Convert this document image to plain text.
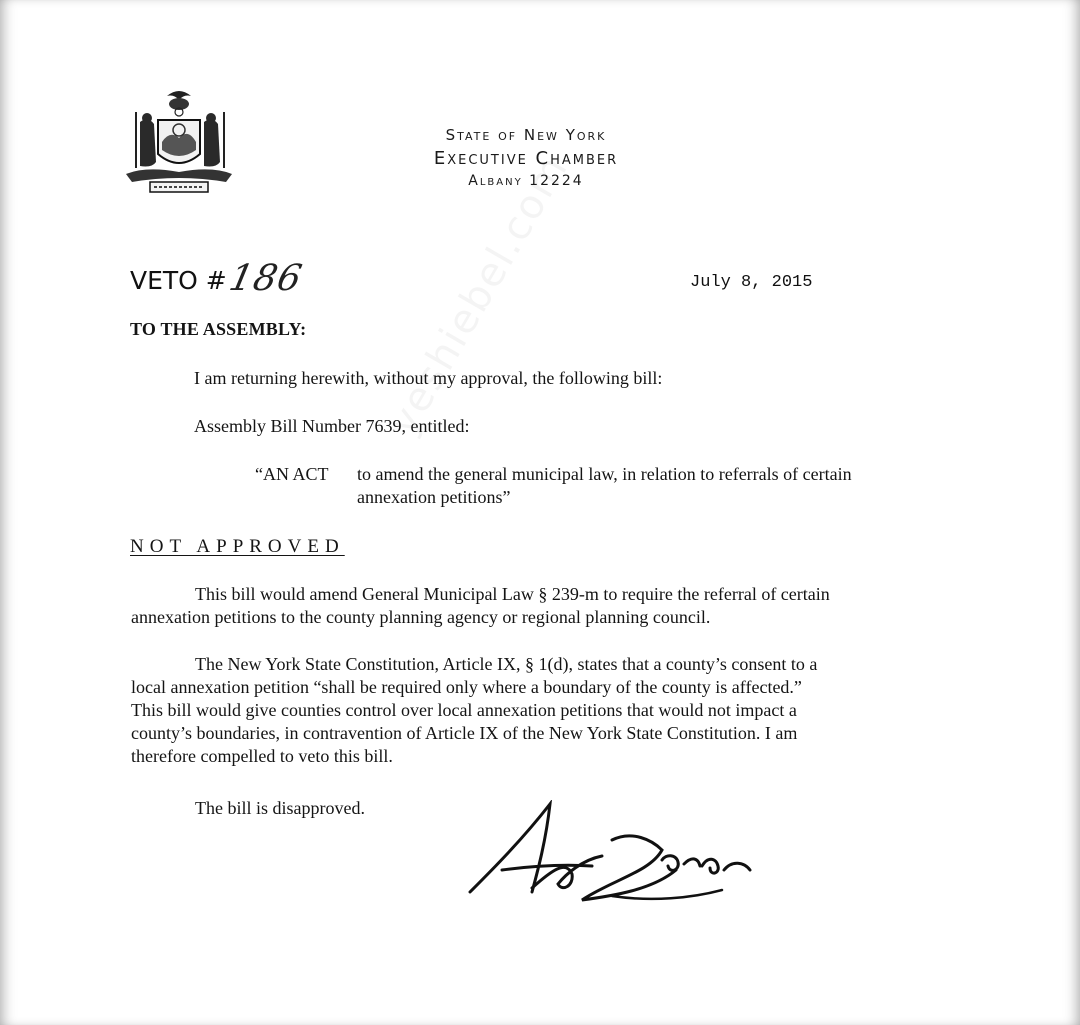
State of New York
Executive Chamber
Albany 12224
VETO #
186	July 8, 2015
TO THE ASSEMBLY:
I am returning herewith, without my approval, the following bill:
Assembly Bill Number 7639, entitled:
“AN ACT to amend the general municipal law, in relation to referrals of certain
annexation petitions”
NOT APPROVED
This bill would amend General Municipal Law § 239-m to require the referral of certain
annexation petitions to the county planning agency or regional planning council.
The New York State Constitution, Article IX, § 1(d), states that a county’s consent to a
local annexation petition “shall be required only where a boundary of the county is affected.”
This bill would give counties control over local annexation petitions that would not impact a
county’s boundaries, in contravention of Article IX of the New York State Constitution. I am
therefore compelled to veto this bill.
The bill is disapproved.
